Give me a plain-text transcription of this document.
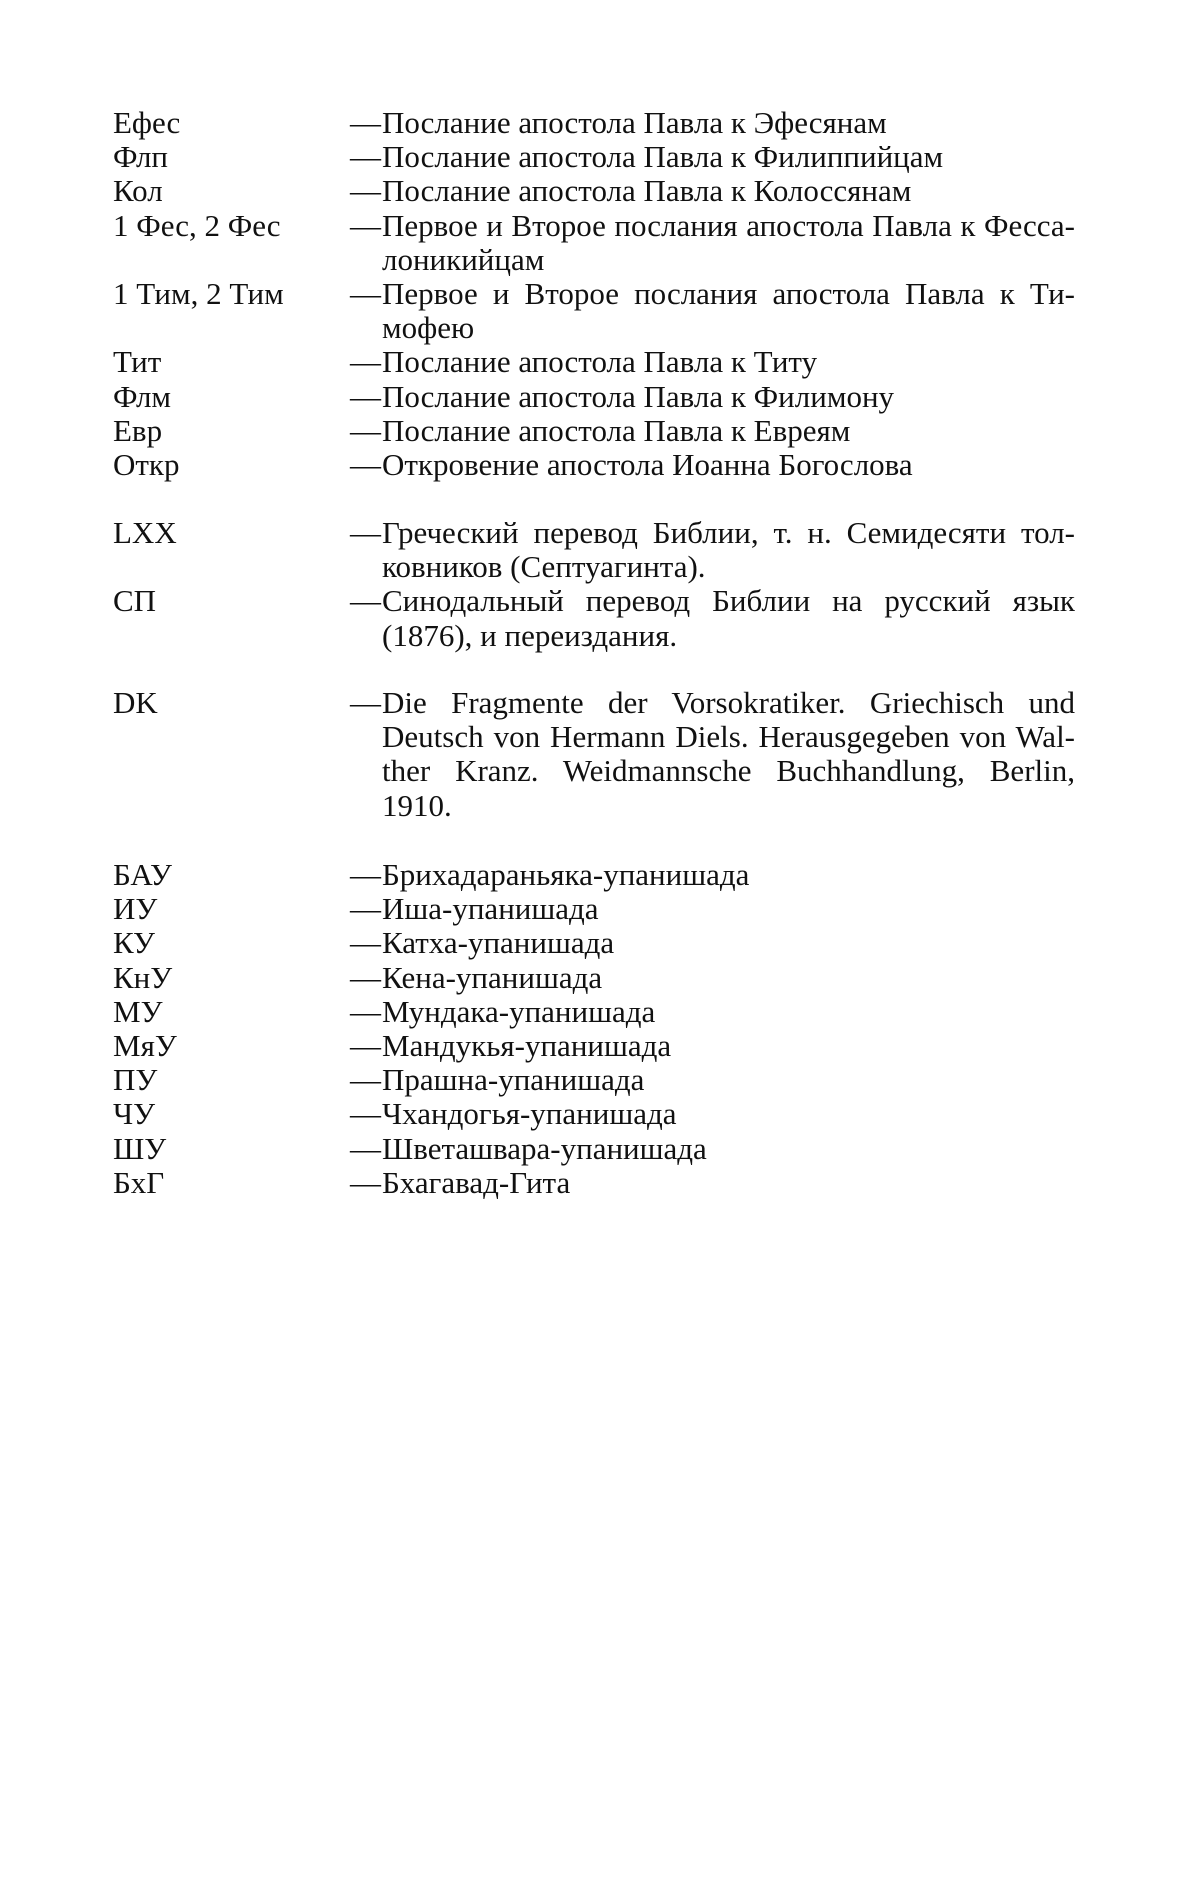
Ефес	—Послание апостола Павла к Эфесянам
Флп	—Послание апостола Павла к Филиппийцам
Кол	—Послание апостола Павла к Колоссянам
1 Фес, 2 Фес — Первое и Второе послания апостола Павла к Фесса-
лоникийцам
1 Тим, 2 Тим — Первое и Второе послания апостола Павла к Ти-
мофею
Тит	—Послание апостола Павла к Титу
Флм	—Послание апостола Павла к Филимону
Евр	—Послание апостола Павла к Евреям
Откр	—Откровение апостола Иоанна Богослова
LXX	— Греческий перевод Библии, т. н. Семидесяти тол-
ковников (Септуагинта).
СП	— Синодальный перевод Библии на русский язык
(1876), и переиздания.
DK	— Die Fragmente der Vorsokratiker. Griechisch und
Deutsch von Hermann Diels. Herausgegeben von Wal-
ther Kranz. Weidmannsche Buchhandlung, Berlin,
1910.
БАУ	—Брихадараньяка-упанишада
ИУ	—Иша-упанишада
КУ	—Катха-упанишада
КнУ	—Кена-упанишада
МУ	—Мундака-упанишада
МяУ	—Мандукья-упанишада
ПУ	—Прашна-упанишада
ЧУ	—Чхандогья-упанишада
ШУ	—Шветашвара-упанишада
БхГ	—Бхагавад-Гита
